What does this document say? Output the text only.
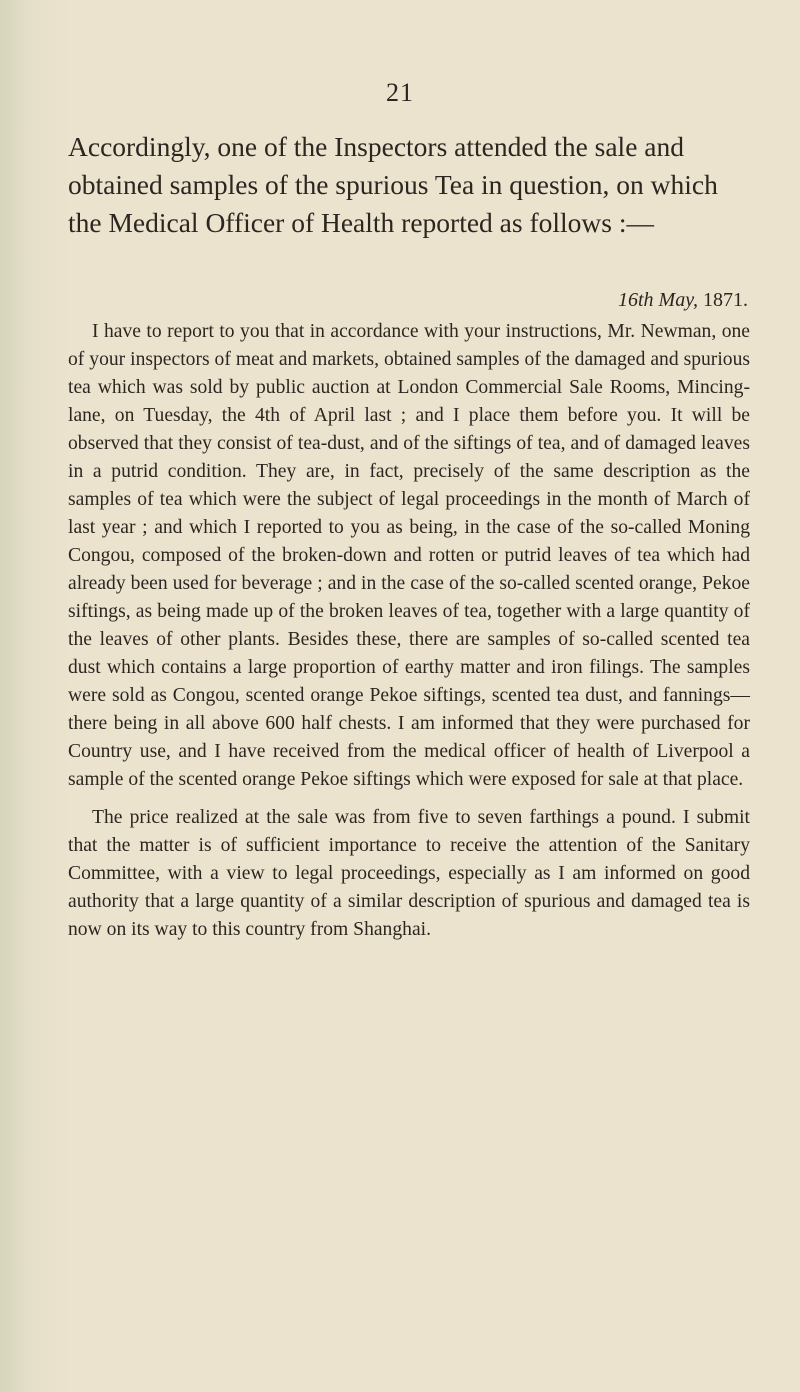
21

Accordingly, one of the Inspectors attended the sale and obtained samples of the spurious Tea in question, on which the Medical Officer of Health reported as follows :—

16th May, 1871.

I have to report to you that in accordance with your instructions, Mr. Newman, one of your inspectors of meat and markets, obtained samples of the damaged and spurious tea which was sold by public auction at London Commercial Sale Rooms, Mincing-lane, on Tuesday, the 4th of April last ; and I place them before you. It will be observed that they consist of tea-dust, and of the siftings of tea, and of damaged leaves in a putrid condition. They are, in fact, precisely of the same description as the samples of tea which were the subject of legal proceedings in the month of March of last year ; and which I reported to you as being, in the case of the so-called Moning Congou, composed of the broken-down and rotten or putrid leaves of tea which had already been used for beverage ; and in the case of the so-called scented orange, Pekoe siftings, as being made up of the broken leaves of tea, together with a large quantity of the leaves of other plants. Besides these, there are samples of so-called scented tea dust which contains a large proportion of earthy matter and iron filings. The samples were sold as Congou, scented orange Pekoe siftings, scented tea dust, and fannings—there being in all above 600 half chests. I am informed that they were purchased for Country use, and I have received from the medical officer of health of Liverpool a sample of the scented orange Pekoe siftings which were exposed for sale at that place.

The price realized at the sale was from five to seven farthings a pound. I submit that the matter is of sufficient importance to receive the attention of the Sanitary Committee, with a view to legal proceedings, especially as I am informed on good authority that a large quantity of a similar description of spurious and damaged tea is now on its way to this country from Shanghai.
